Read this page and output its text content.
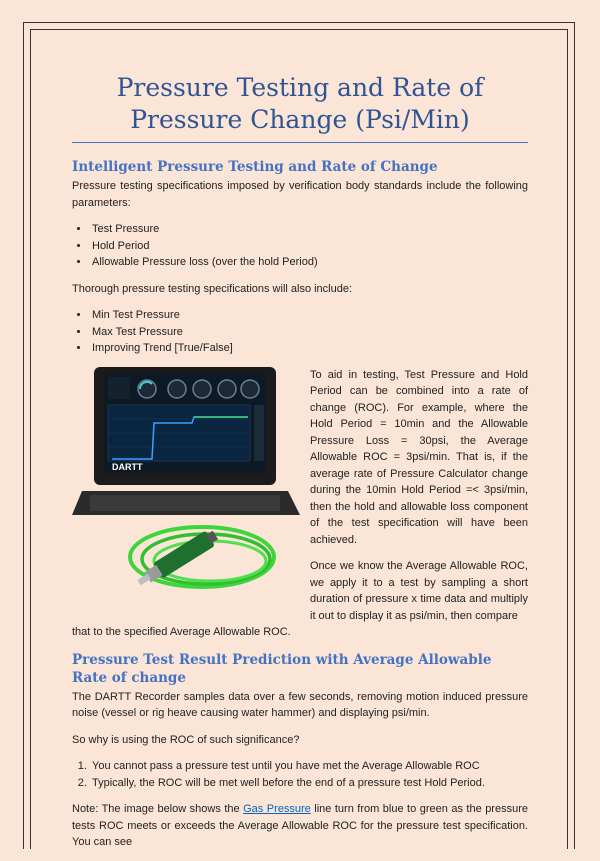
Pressure Testing and Rate of Pressure Change (Psi/Min)
Intelligent Pressure Testing and Rate of Change

Pressure testing specifications imposed by verification body standards include the following parameters:

• Test Pressure
• Hold Period
• Allowable Pressure loss (over the hold Period)

Thorough pressure testing specifications will also include:

• Min Test Pressure
• Max Test Pressure
• Improving Trend [True/False]
DARTT

To aid in testing, Test Pressure and Hold Period can be combined into a rate of change (ROC). For example, where the Hold Period = 10min and the Allowable Pressure Loss = 30psi, the Average Allowable ROC = 3psi/min. That is, if the average rate of Pressure Calculator change during the 10min Hold Period =< 3psi/min, then the hold and allowable loss component of the test specification will have been achieved.

Once we know the Average Allowable ROC, we apply it to a test by sampling a short duration of pressure x time data and multiply it out to display it as psi/min, then compare

that to the specified Average Allowable ROC.

Pressure Test Result Prediction with Average Allowable Rate of change

The DARTT Recorder samples data over a few seconds, removing motion induced pressure noise (vessel or rig heave causing water hammer) and displaying psi/min.

So why is using the ROC of such significance?

1. You cannot pass a pressure test until you have met the Average Allowable ROC
2. Typically, the ROC will be met well before the end of a pressure test Hold Period.

Note: The image below shows the Gas Pressure line turn from blue to green as the pressure tests ROC meets or exceeds the Average Allowable ROC for the pressure test specification. You can see
